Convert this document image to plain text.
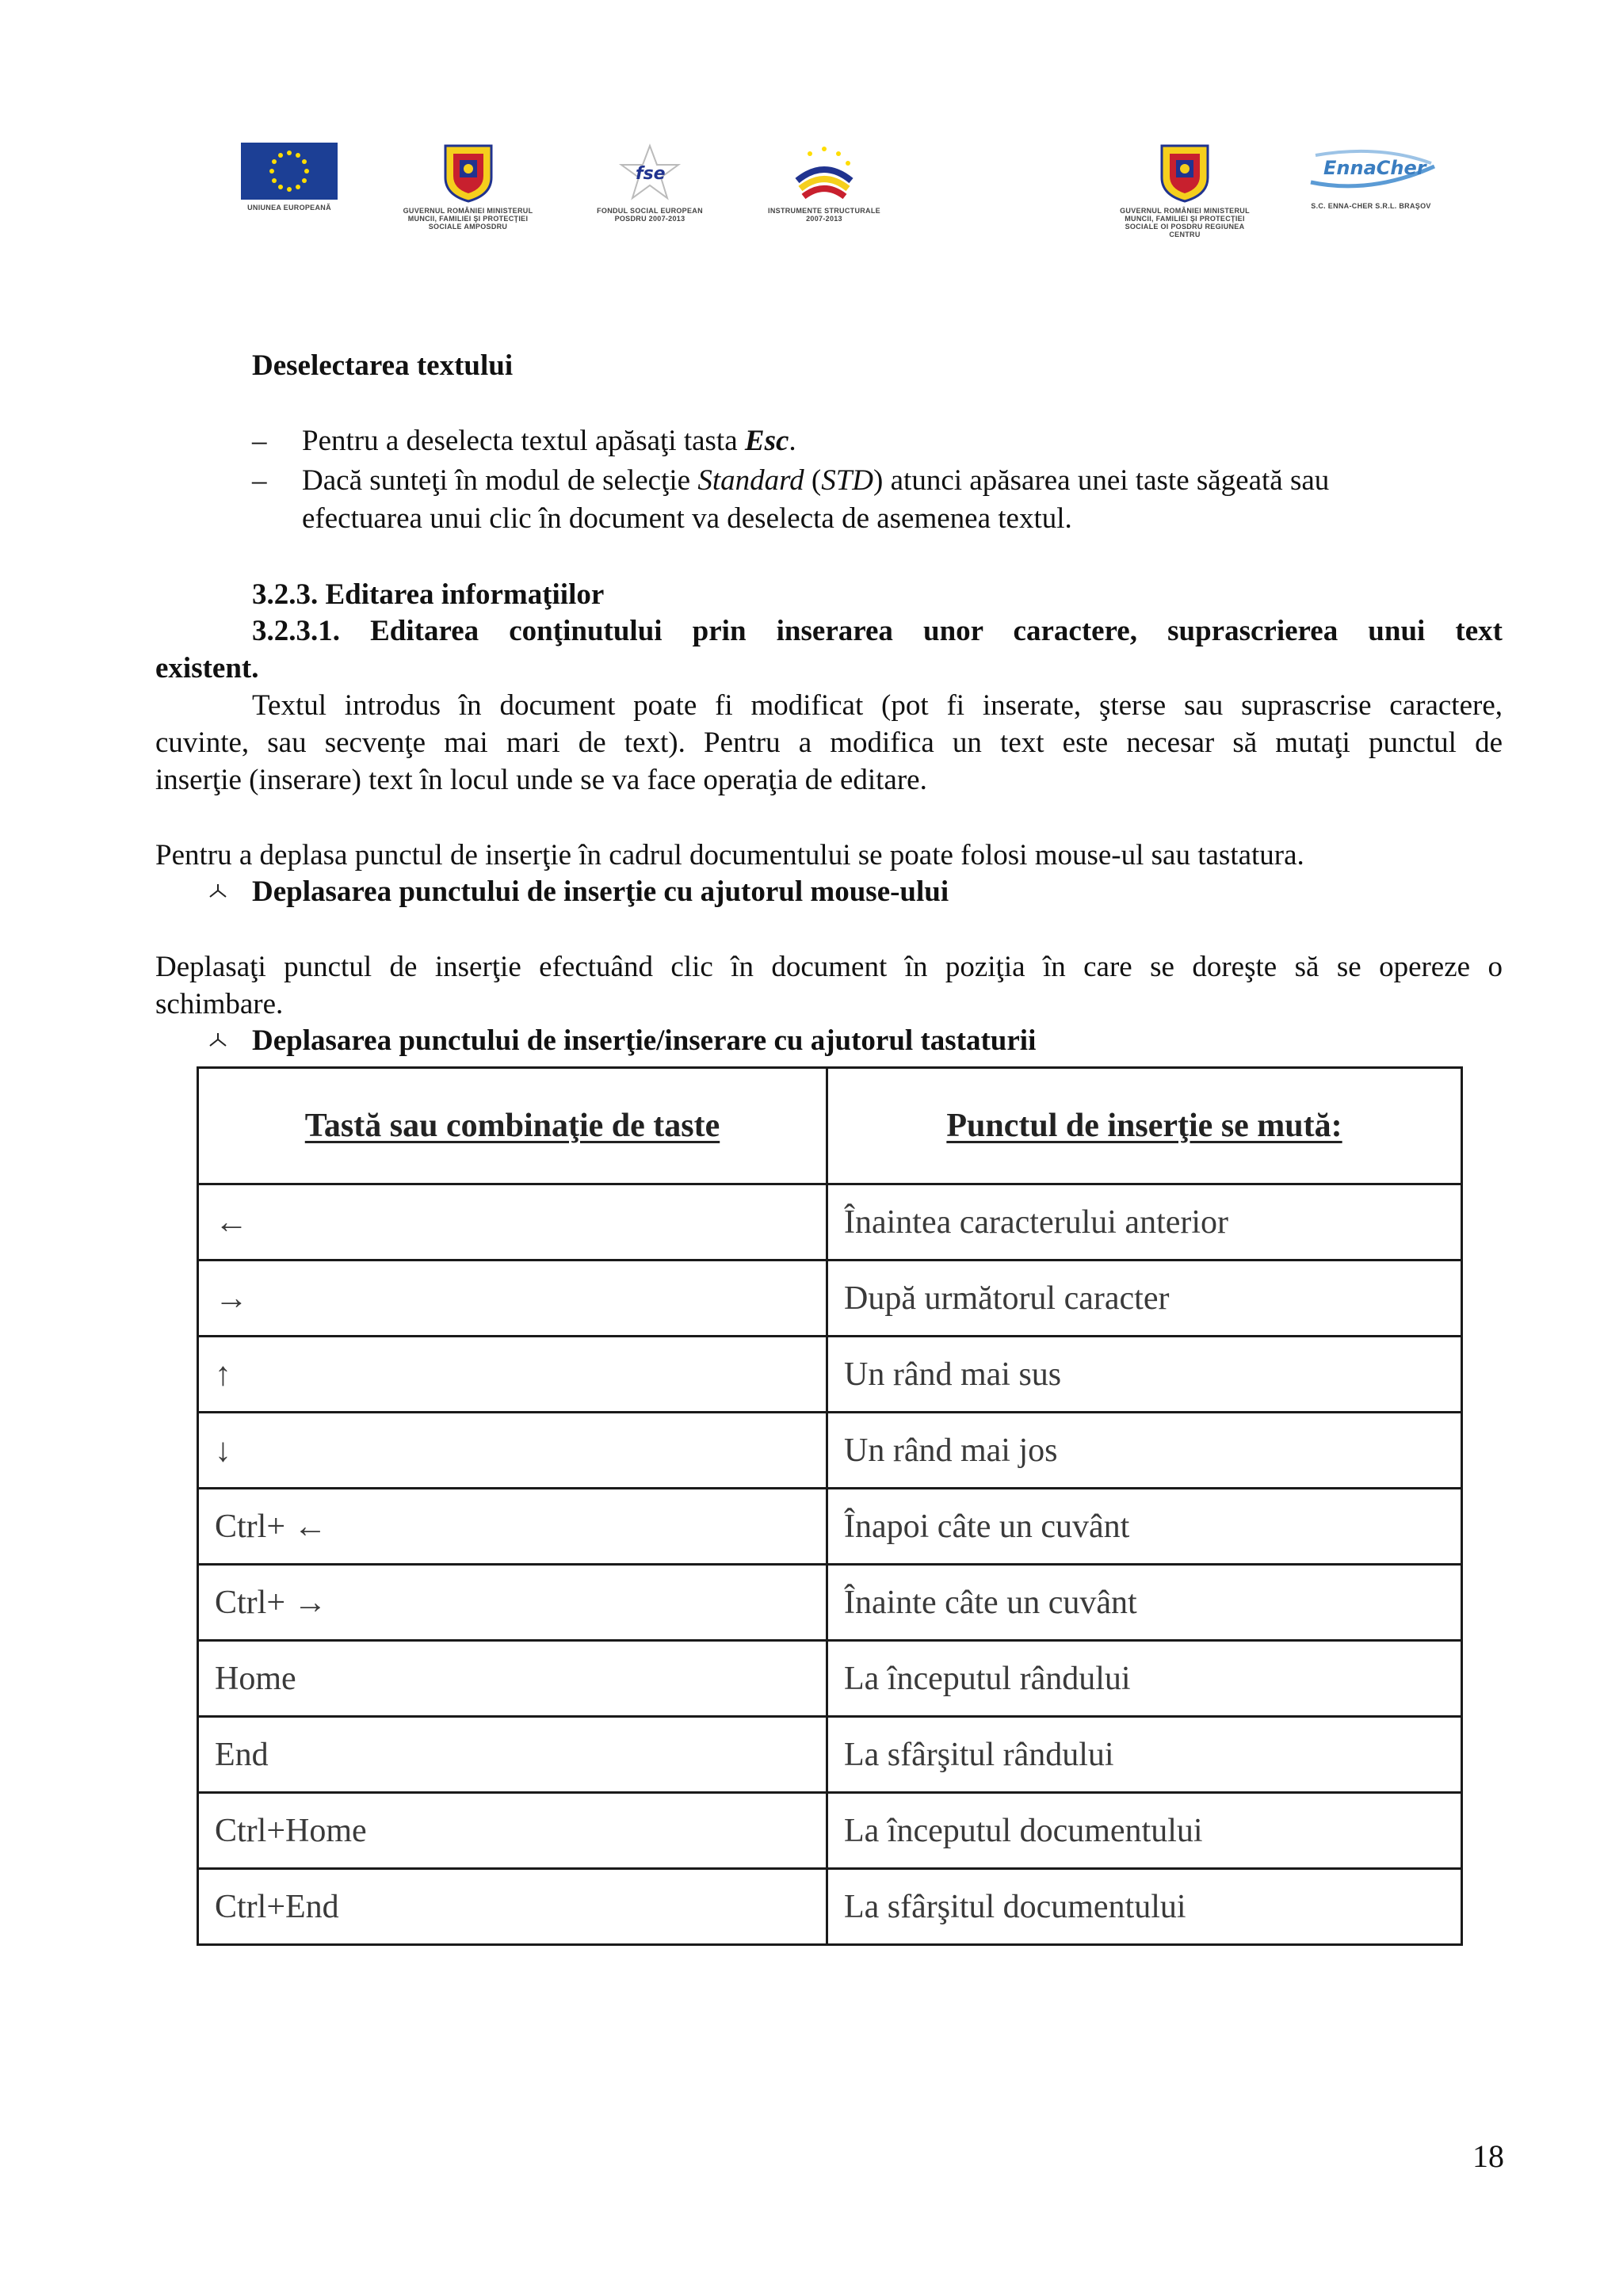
UNIUNEA EUROPEANĂ	GUVERNUL ROMÂNIEI MINISTERUL MUNCII, FAMILIEI ŞI PROTECŢIEI SOCIALE AMPOSDRU
fse
FONDUL SOCIAL EUROPEAN POSDRU 2007-2013
INSTRUMENTE STRUCTURALE 2007-2013
GUVERNUL ROMÂNIEI MINISTERUL MUNCII, FAMILIEI ŞI PROTECŢIEI SOCIALE OI POSDRU REGIUNEA CENTRU
EnnaCher
S.C. ENNA-CHER S.R.L. BRAŞOV
Deselectarea textului
– Pentru a deselecta textul apăsaţi tasta Esc.
– Dacă sunteţi în modul de selecţie Standard (STD) atunci apăsarea unei taste săgeată sau
efectuarea unui clic în document va deselecta de asemenea textul.
3.2.3. Editarea informaţiilor
3.2.3.1. Editarea conţinutului prin inserarea unor caractere, suprascrierea unui text
existent.
Textul introdus în document poate fi modificat (pot fi inserate, şterse sau suprascrise caractere,
cuvinte, sau secvenţe mai mari de text). Pentru a modifica un text este necesar să mutaţi punctul de
inserţie (inserare) text în locul unde se va face operaţia de editare.
Pentru a deplasa punctul de inserţie în cadrul documentului se poate folosi mouse-ul sau tastatura.
Deplasarea punctului de inserţie cu ajutorul mouse-ului
Deplasaţi punctul de inserţie efectuând clic în document în poziţia în care se doreşte să se opereze o
schimbare.
Deplasarea punctului de inserţie/inserare cu ajutorul tastaturii
Tastă sau combinaţie de taste	Punctul de inserţie se mută:
←	Înaintea caracterului anterior
→	După următorul caracter
↑	Un rând mai sus
↓	Un rând mai jos
Ctrl+ ←	Înapoi câte un cuvânt
Ctrl+ →	Înainte câte un cuvânt
Home	La începutul rândului
End	La sfârşitul rândului
Ctrl+Home	La începutul documentului
Ctrl+End	La sfârşitul documentului
18
